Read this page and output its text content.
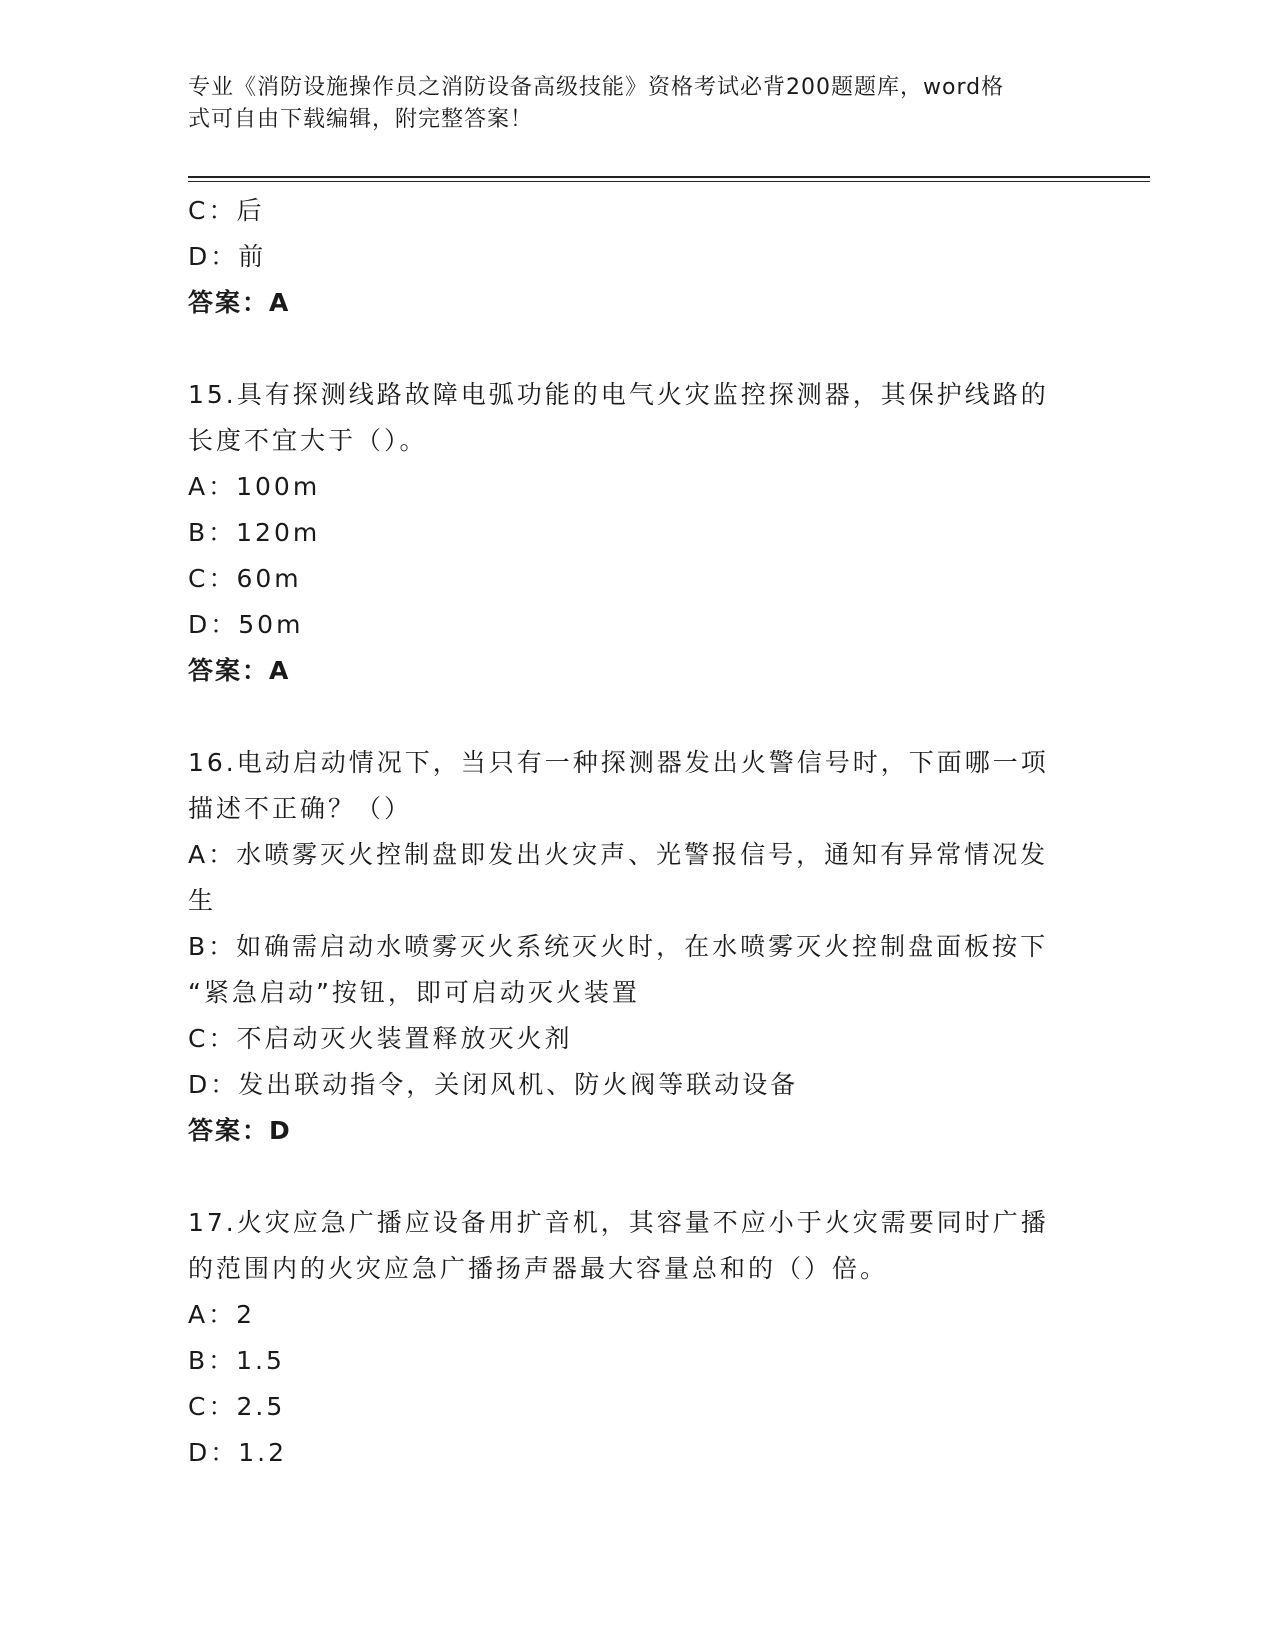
专业《消防设施操作员之消防设备高级技能》资格考试必背200题题库，word格
式可自由下载编辑，附完整答案！
C：后
D：前
答案：A
15.具有探测线路故障电弧功能的电气火灾监控探测器，其保护线路的
长度不宜大于（）。
A：100m
B：120m
C：60m
D：50m
答案：A
16.电动启动情况下，当只有一种探测器发出火警信号时，下面哪一项
描述不正确？（）
A：水喷雾灭火控制盘即发出火灾声、光警报信号，通知有异常情况发
生
B：如确需启动水喷雾灭火系统灭火时，在水喷雾灭火控制盘面板按下
“紧急启动”按钮，即可启动灭火装置
C：不启动灭火装置释放灭火剂
D：发出联动指令，关闭风机、防火阀等联动设备
答案：D
17.火灾应急广播应设备用扩音机，其容量不应小于火灾需要同时广播
的范围内的火灾应急广播扬声器最大容量总和的（）倍。
A：2
B：1.5
C：2.5
D：1.2
